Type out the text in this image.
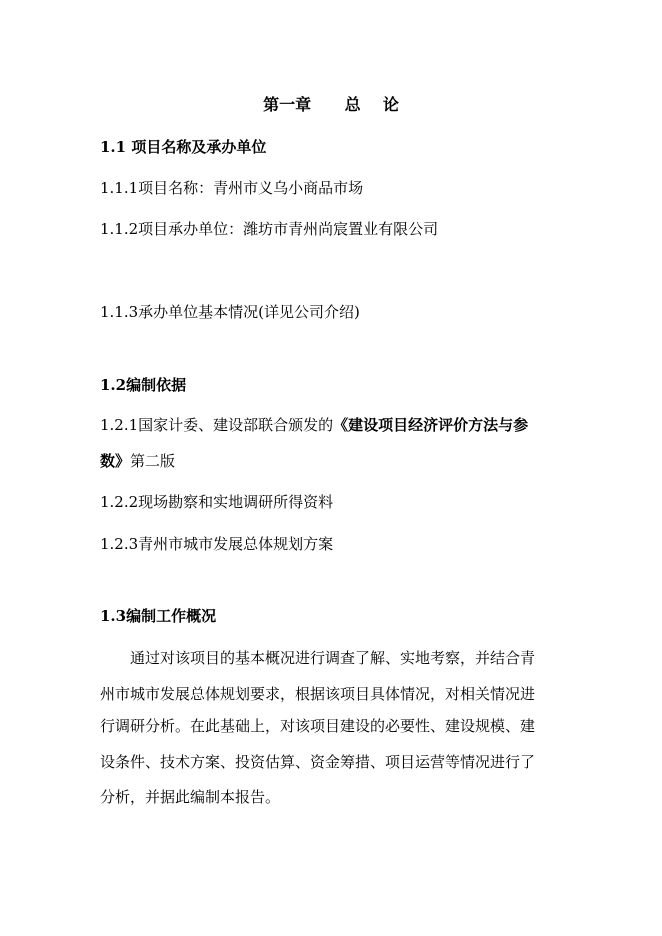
第一章      总    论
1.1 项目名称及承办单位
1.1.1项目名称：青州市义乌小商品市场
1.1.2项目承办单位：潍坊市青州尚宸置业有限公司
1.1.3承办单位基本情况(详见公司介绍)
1.2编制依据
1.2.1国家计委、建设部联合颁发的《建设项目经济评价方法与参
数》第二版
1.2.2现场勘察和实地调研所得资料
1.2.3青州市城市发展总体规划方案
1.3编制工作概况
通过对该项目的基本概况进行调查了解、实地考察，并结合青
州市城市发展总体规划要求，根据该项目具体情况，对相关情况进
行调研分析。在此基础上，对该项目建设的必要性、建设规模、建
设条件、技术方案、投资估算、资金筹措、项目运营等情况进行了
分析，并据此编制本报告。
